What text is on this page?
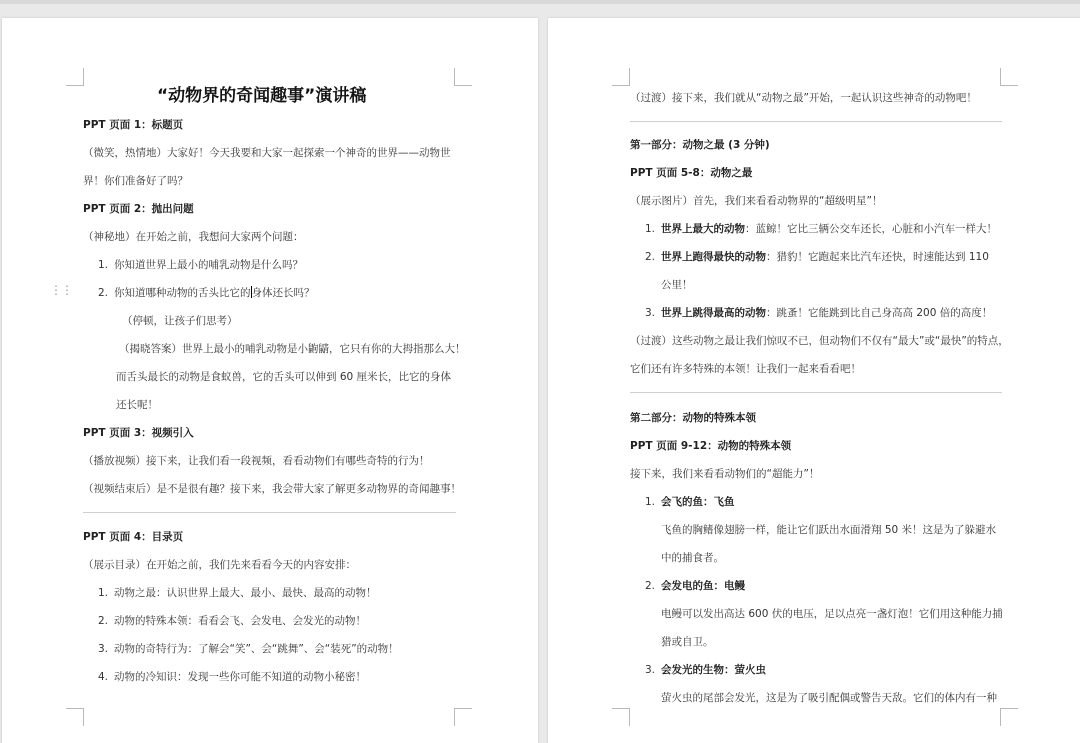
“动物界的奇闻趣事”演讲稿
PPT 页面 1：标题页
（微笑，热情地）大家好！今天我要和大家一起探索一个神奇的世界——动物世
界！你们准备好了吗？
PPT 页面 2：抛出问题
（神秘地）在开始之前，我想问大家两个问题：
1. 你知道世界上最小的哺乳动物是什么吗？
2. 你知道哪种动物的舌头比它的身体还长吗？
（停顿，让孩子们思考）
（揭晓答案）世界上最小的哺乳动物是小鼩鼱，它只有你的大拇指那么大！
而舌头最长的动物是食蚁兽，它的舌头可以伸到 60 厘米长，比它的身体
还长呢！
PPT 页面 3：视频引入
（播放视频）接下来，让我们看一段视频，看看动物们有哪些奇特的行为！
（视频结束后）是不是很有趣？接下来，我会带大家了解更多动物界的奇闻趣事！
PPT 页面 4：目录页
（展示目录）在开始之前，我们先来看看今天的内容安排：
1. 动物之最：认识世界上最大、最小、最快、最高的动物！
2. 动物的特殊本领：看看会飞、会发电、会发光的动物！
3. 动物的奇特行为：了解会“笑”、会“跳舞”、会“装死”的动物！
4. 动物的冷知识：发现一些你可能不知道的动物小秘密！
⋮⋮
（过渡）接下来，我们就从“动物之最”开始，一起认识这些神奇的动物吧！
第一部分：动物之最 (3 分钟)
PPT 页面 5-8：动物之最
（展示图片）首先，我们来看看动物界的“超级明星”！
1. 世界上最大的动物：蓝鲸！它比三辆公交车还长，心脏和小汽车一样大！
2. 世界上跑得最快的动物：猎豹！它跑起来比汽车还快，时速能达到 110
公里！
3. 世界上跳得最高的动物：跳蚤！它能跳到比自己身高高 200 倍的高度！
（过渡）这些动物之最让我们惊叹不已，但动物们不仅有“最大”或“最快”的特点，
它们还有许多特殊的本领！让我们一起来看看吧！
第二部分：动物的特殊本领
PPT 页面 9-12：动物的特殊本领
接下来，我们来看看动物们的“超能力”！
1. 会飞的鱼：飞鱼
飞鱼的胸鳍像翅膀一样，能让它们跃出水面滑翔 50 米！这是为了躲避水
中的捕食者。
2. 会发电的鱼：电鳗
电鳗可以发出高达 600 伏的电压，足以点亮一盏灯泡！它们用这种能力捕
猎或自卫。
3. 会发光的生物：萤火虫
萤火虫的尾部会发光，这是为了吸引配偶或警告天敌。它们的体内有一种
